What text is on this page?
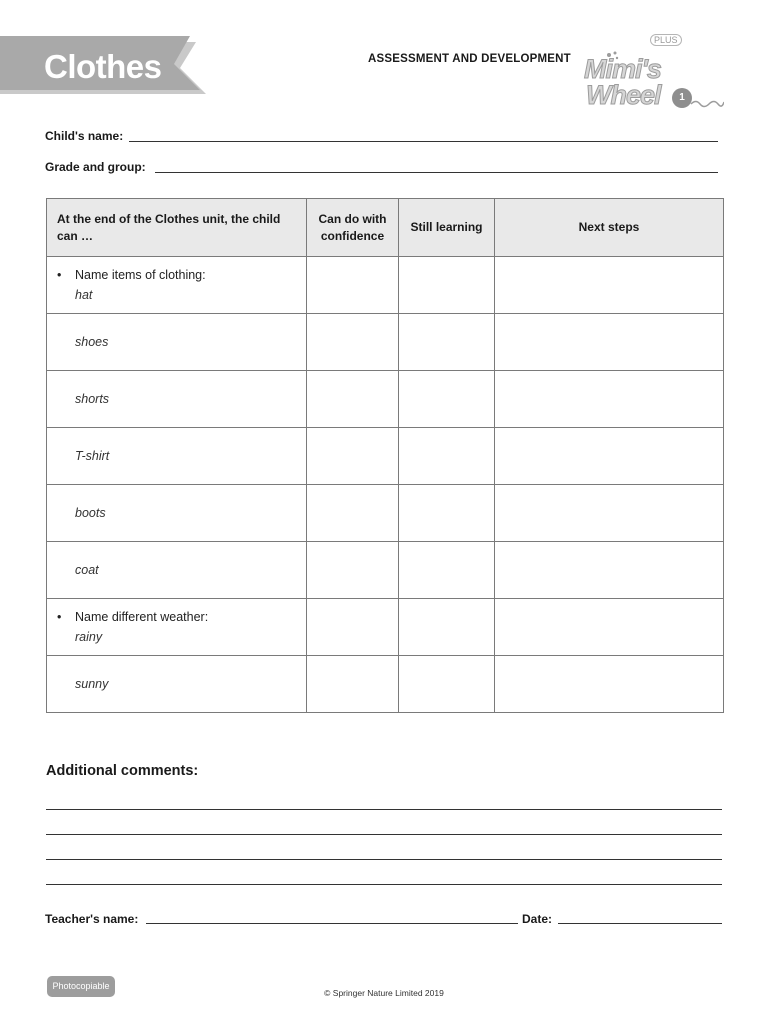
Clothes	ASSESSMENT AND DEVELOPMENT
PLUS
Mimi's
Wheel	1
Child's name:
Grade and group:
At the end of the Clothes unit, the child can …	Can do with confidence	Still learning	Next steps

• Name items of clothing:
hat

shoes			
shorts			
T-shirt			
boots			
coat			

• Name different weather:
rainy

sunny			
Additional comments:
Teacher's name:	Date:
Photocopiable
© Springer Nature Limited 2019
